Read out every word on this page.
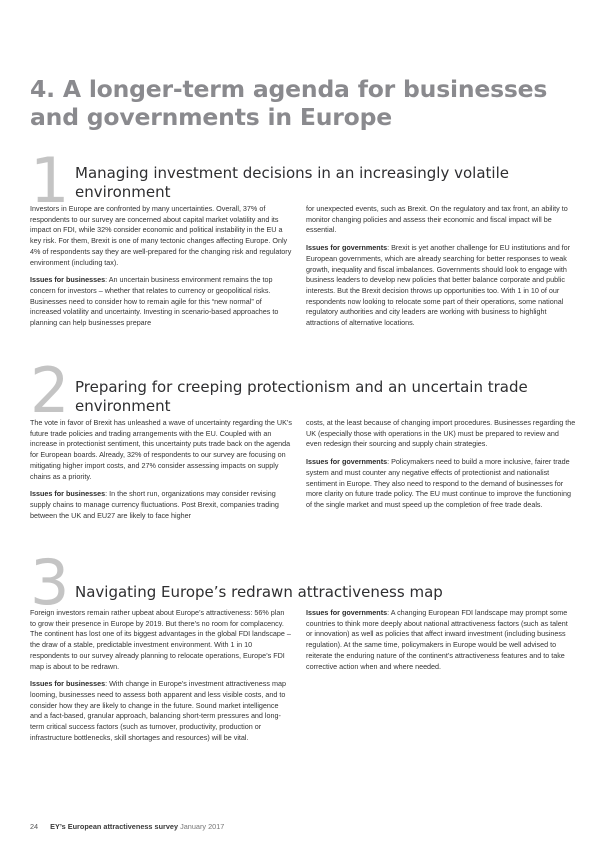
4. A longer-term agenda for businesses and governments in Europe
1 Managing investment decisions in an increasingly volatile environment

Investors in Europe are confronted by many uncertainties. Overall, 37% of respondents to our survey are concerned about capital market volatility and its impact on FDI, while 32% consider economic and political instability in the EU a key risk. For them, Brexit is one of many tectonic changes affecting Europe. Only 4% of respondents say they are well-prepared for the changing risk and regulatory environment (including tax).

Issues for businesses: An uncertain business environment remains the top concern for investors – whether that relates to currency or geopolitical risks. Businesses need to consider how to remain agile for this “new normal” of increased volatility and uncertainty. Investing in scenario-based approaches to planning can help businesses prepare

for unexpected events, such as Brexit. On the regulatory and tax front, an ability to monitor changing policies and assess their economic and fiscal impact will be essential.

Issues for governments: Brexit is yet another challenge for EU institutions and for European governments, which are already searching for better responses to weak growth, inequality and fiscal imbalances. Governments should look to engage with business leaders to develop new policies that better balance corporate and public interests. But the Brexit decision throws up opportunities too. With 1 in 10 of our respondents now looking to relocate some part of their operations, some national regulatory authorities and city leaders are working with business to highlight attractions of alternative locations.

2 Preparing for creeping protectionism and an uncertain trade environment

The vote in favor of Brexit has unleashed a wave of uncertainty regarding the UK’s future trade policies and trading arrangements with the EU. Coupled with an increase in protectionist sentiment, this uncertainty puts trade back on the agenda for European boards. Already, 32% of respondents to our survey are focusing on mitigating higher import costs, and 27% consider assessing impacts on supply chains as a priority.

Issues for businesses: In the short run, organizations may consider revising supply chains to manage currency fluctuations. Post Brexit, companies trading between the UK and EU27 are likely to face higher

costs, at the least because of changing import procedures. Businesses regarding the UK (especially those with operations in the UK) must be prepared to review and even redesign their sourcing and supply chain strategies.

Issues for governments: Policymakers need to build a more inclusive, fairer trade system and must counter any negative effects of protectionist and nationalist sentiment in Europe. They also need to respond to the demand of businesses for more clarity on future trade policy. The EU must continue to improve the functioning of the single market and must speed up the completion of free trade deals.

3 Navigating Europe’s redrawn attractiveness map

Foreign investors remain rather upbeat about Europe’s attractiveness: 56% plan to grow their presence in Europe by 2019. But there’s no room for complacency. The continent has lost one of its biggest advantages in the global FDI landscape – the draw of a stable, predictable investment environment. With 1 in 10 respondents to our survey already planning to relocate operations, Europe’s FDI map is about to be redrawn.

Issues for businesses: With change in Europe’s investment attractiveness map looming, businesses need to assess both apparent and less visible costs, and to consider how they are likely to change in the future. Sound market intelligence and a fact-based, granular approach, balancing short-term pressures and long-term critical success factors (such as turnover, productivity, production or infrastructure bottlenecks, skill shortages and resources) will be vital.

Issues for governments: A changing European FDI landscape may prompt some countries to think more deeply about national attractiveness factors (such as talent or innovation) as well as policies that affect inward investment (including business regulation). At the same time, policymakers in Europe would be well advised to reiterate the enduring nature of the continent’s attractiveness features and to take corrective action when and where needed.

24 EY’s European attractiveness survey January 2017
